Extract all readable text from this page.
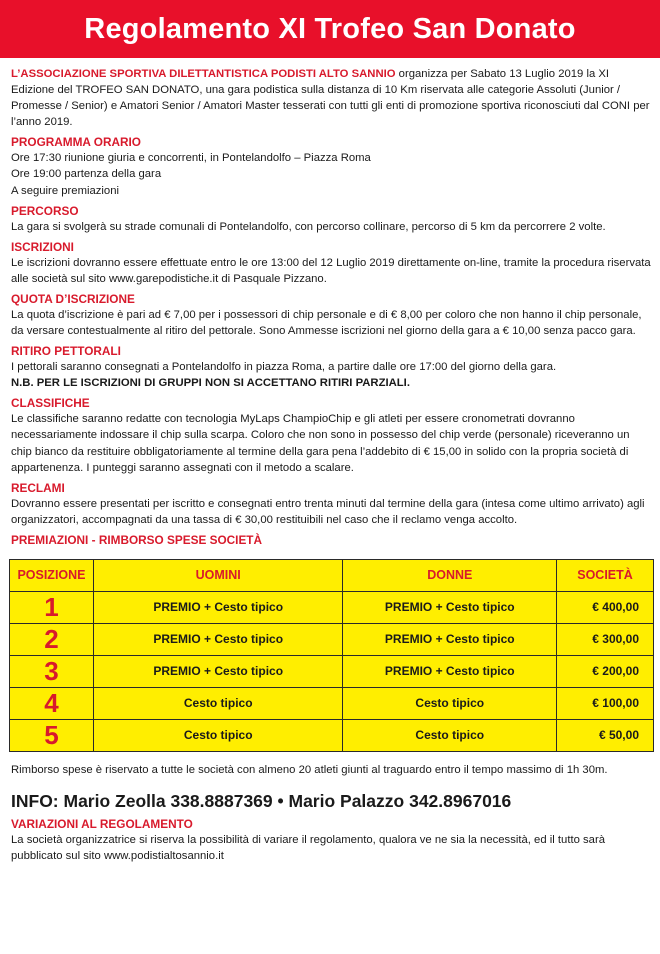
Regolamento XI Trofeo San Donato

L’ASSOCIAZIONE SPORTIVA DILETTANTISTICA PODISTI ALTO SANNIO organizza per Sabato 13 Luglio 2019 la XI Edizione del TROFEO SAN DONATO, una gara podistica sulla distanza di 10 Km riservata alle categorie Assoluti (Junior / Promesse / Senior) e Amatori Senior / Amatori Master tesserati con tutti gli enti di promozione sportiva riconosciuti dal CONI per l’anno 2019.

PROGRAMMA ORARIO

Ore 17:30 riunione giuria e concorrenti, in Pontelandolfo – Piazza Roma

Ore 19:00 partenza della gara

A seguire premiazioni

PERCORSO

La gara si svolgerà su strade comunali di Pontelandolfo, con percorso collinare, percorso di 5 km da percorrere 2 volte.

ISCRIZIONI

Le iscrizioni dovranno essere effettuate entro le ore 13:00 del 12 Luglio 2019 direttamente on-line, tramite la procedura riservata alle società sul sito www.garepodistiche.it di Pasquale Pizzano.

QUOTA D’ISCRIZIONE

La quota d’iscrizione è pari ad € 7,00 per i possessori di chip personale e di € 8,00 per coloro che non hanno il chip personale, da versare contestualmente al ritiro del pettorale. Sono Ammesse iscrizioni nel giorno della gara a € 10,00 senza pacco gara.

RITIRO PETTORALI

I pettorali saranno consegnati a Pontelandolfo in piazza Roma, a partire dalle ore 17:00 del giorno della gara.

N.B. PER LE ISCRIZIONI DI GRUPPI NON SI ACCETTANO RITIRI PARZIALI.

CLASSIFICHE

Le classifiche saranno redatte con tecnologia MyLaps ChampioChip e gli atleti per essere cronometrati dovranno necessariamente indossare il chip sulla scarpa. Coloro che non sono in possesso del chip verde (personale) riceveranno un chip bianco da restituire obbligatoriamente al termine della gara pena l’addebito di € 15,00 in solido con la propria società di appartenenza. I punteggi saranno assegnati con il metodo a scalare.

RECLAMI

Dovranno essere presentati per iscritto e consegnati entro trenta minuti dal termine della gara (intesa come ultimo arrivato) agli organizzatori, accompagnati da una tassa di € 30,00 restituibili nel caso che il reclamo venga accolto.

PREMIAZIONI - RIMBORSO SPESE SOCIETÀ
POSIZIONE	UOMINI	DONNE	SOCIETÀ
1	PREMIO + Cesto tipico	PREMIO + Cesto tipico	€ 400,00
2	PREMIO + Cesto tipico	PREMIO + Cesto tipico	€ 300,00
3	PREMIO + Cesto tipico	PREMIO + Cesto tipico	€ 200,00
4	Cesto tipico	Cesto tipico	€ 100,00
5	Cesto tipico	Cesto tipico	€ 50,00

Rimborso spese è riservato a tutte le società con almeno 20 atleti giunti al traguardo entro il tempo massimo di 1h 30m.

INFO: Mario Zeolla 338.8887369 • Mario Palazzo 342.8967016
VARIAZIONI AL REGOLAMENTO

La società organizzatrice si riserva la possibilità di variare il regolamento, qualora ve ne sia la necessità, ed il tutto sarà pubblicato sul sito www.podistialtosannio.it
